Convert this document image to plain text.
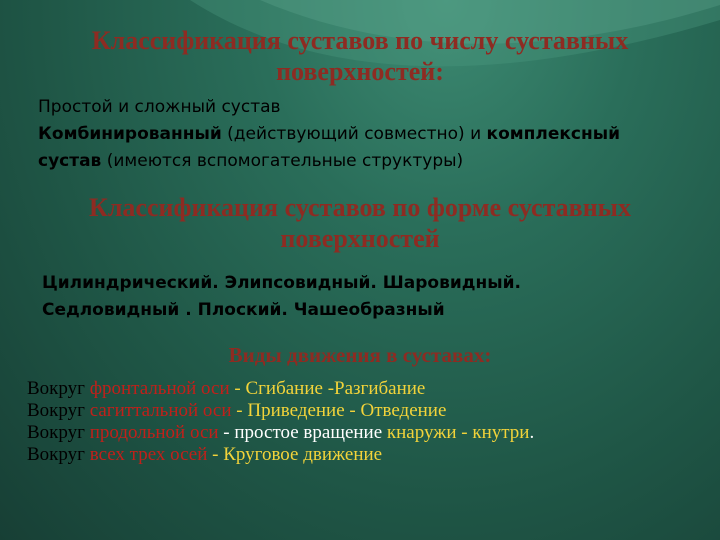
Классификация суставов по числу суставных поверхностей:
Простой и сложный сустав
Комбинированный (действующий совместно) и комплексный
сустав (имеются вспомогательные структуры)
Классификация суставов по форме суставных поверхностей
Цилиндрический. Элипсовидный. Шаровидный.
Седловидный . Плоский. Чашеобразный
Виды движения в суставах:
Вокруг фронтальной оси - Сгибание -Разгибание
Вокруг сагиттальной оси - Приведение - Отведение
Вокруг продольной оси - простое вращение кнаружи - кнутри.
Вокруг всех трех осей - Круговое движение
